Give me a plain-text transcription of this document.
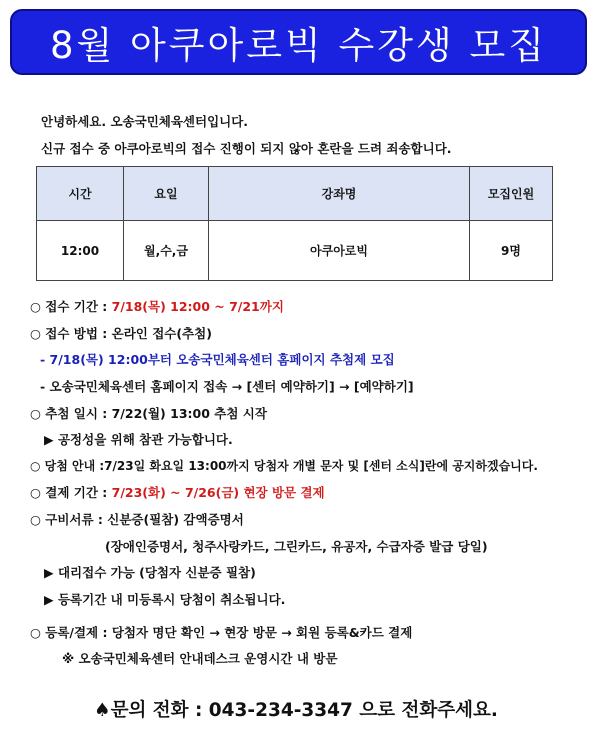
8월 아쿠아로빅 수강생 모집
안녕하세요. 오송국민체육센터입니다.
신규 접수 중 아쿠아로빅의 접수 진행이 되지 않아 혼란을 드려 죄송합니다.
시간	요일	강좌명	모집인원
12:00	월,수,금	아쿠아로빅	9명
○ 접수 기간 : 7/18(목) 12:00 ~ 7/21까지
○ 접수 방법 : 온라인 접수(추첨)
- 7/18(목) 12:00부터 오송국민체육센터 홈페이지 추첨제 모집
- 오송국민체육센터 홈페이지 접속 → [센터 예약하기] → [예약하기]
○ 추첨 일시 : 7/22(월) 13:00 추첨 시작
▶ 공정성을 위해 참관 가능합니다.
○ 당첨 안내 :7/23일 화요일 13:00까지 당첨자 개별 문자 및 [센터 소식]란에 공지하겠습니다.
○ 결제 기간 : 7/23(화) ~ 7/26(금) 현장 방문 결제
○ 구비서류 : 신분증(필참) 감액증명서
(장애인증명서, 청주사랑카드, 그린카드, 유공자, 수급자증 발급 당일)
▶ 대리접수 가능 (당첨자 신분증 필참)
▶ 등록기간 내 미등록시 당첨이 취소됩니다.
○ 등록/결제 : 당첨자 명단 확인 → 현장 방문 → 회원 등록&카드 결제
※ 오송국민체육센터 안내데스크 운영시간 내 방문
♠문의 전화 : 043-234-3347 으로 전화주세요.
